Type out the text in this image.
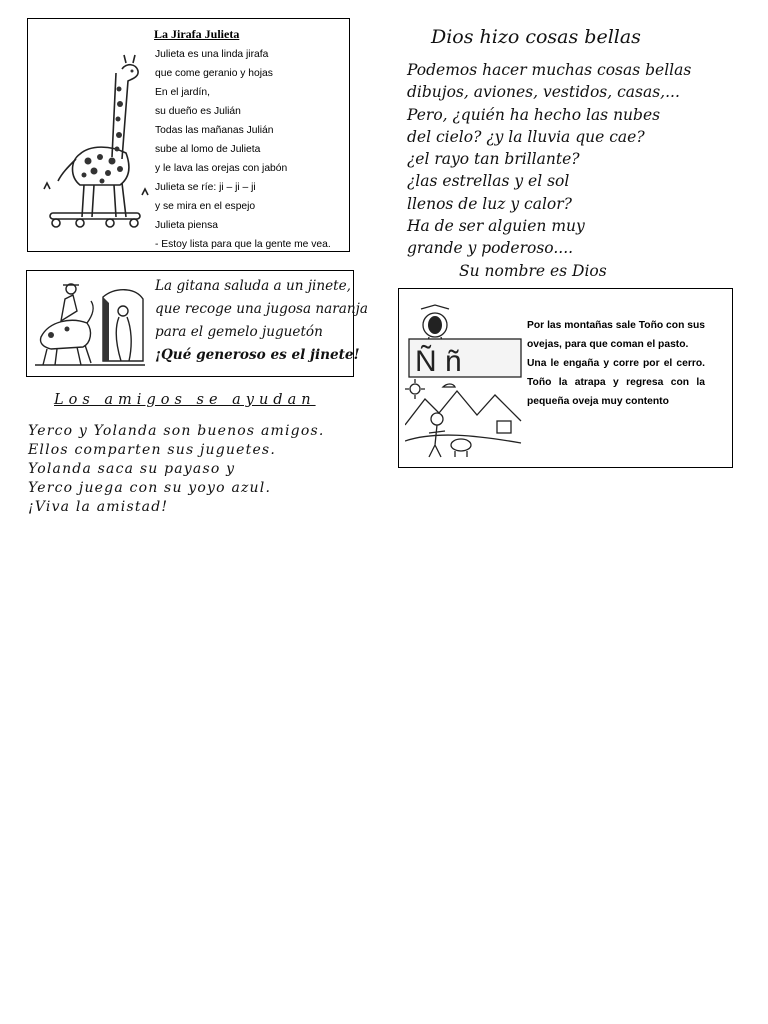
La Jirafa Julieta
Julieta es una linda jirafa
que come geranio y hojas
En el jardín,
su dueño es Julián
Todas las mañanas Julián
sube al lomo de Julieta
y le lava las orejas con jabón
Julieta se ríe: ji – ji – ji
y se mira en el espejo
Julieta piensa
- Estoy lista para que la gente me vea.
Dios hizo cosas bellas
Podemos hacer muchas cosas bellas
dibujos, aviones, vestidos, casas,...
Pero, ¿quién ha hecho las nubes
del cielo? ¿y la lluvia que cae?
¿el rayo tan brillante?
¿las estrellas y el sol
llenos de luz y calor?
Ha de ser alguien muy
grande y poderoso....
Su nombre es Dios
La gitana saluda a un jinete,
que recoge una jugosa naranja
para el gemelo juguetón
¡Qué generoso es el jinete!
Los amigos se ayudan
Yerco y Yolanda son buenos amigos.
Ellos comparten sus juguetes.
Yolanda saca su payaso y
Yerco juega con su yoyo azul.
¡Viva la amistad!
Ñ ñ

Por las montañas sale Toño con sus ovejas, para que coman el pasto.
Una le engaña y corre por el cerro. Toño la atrapa y regresa con la pequeña oveja muy contento
